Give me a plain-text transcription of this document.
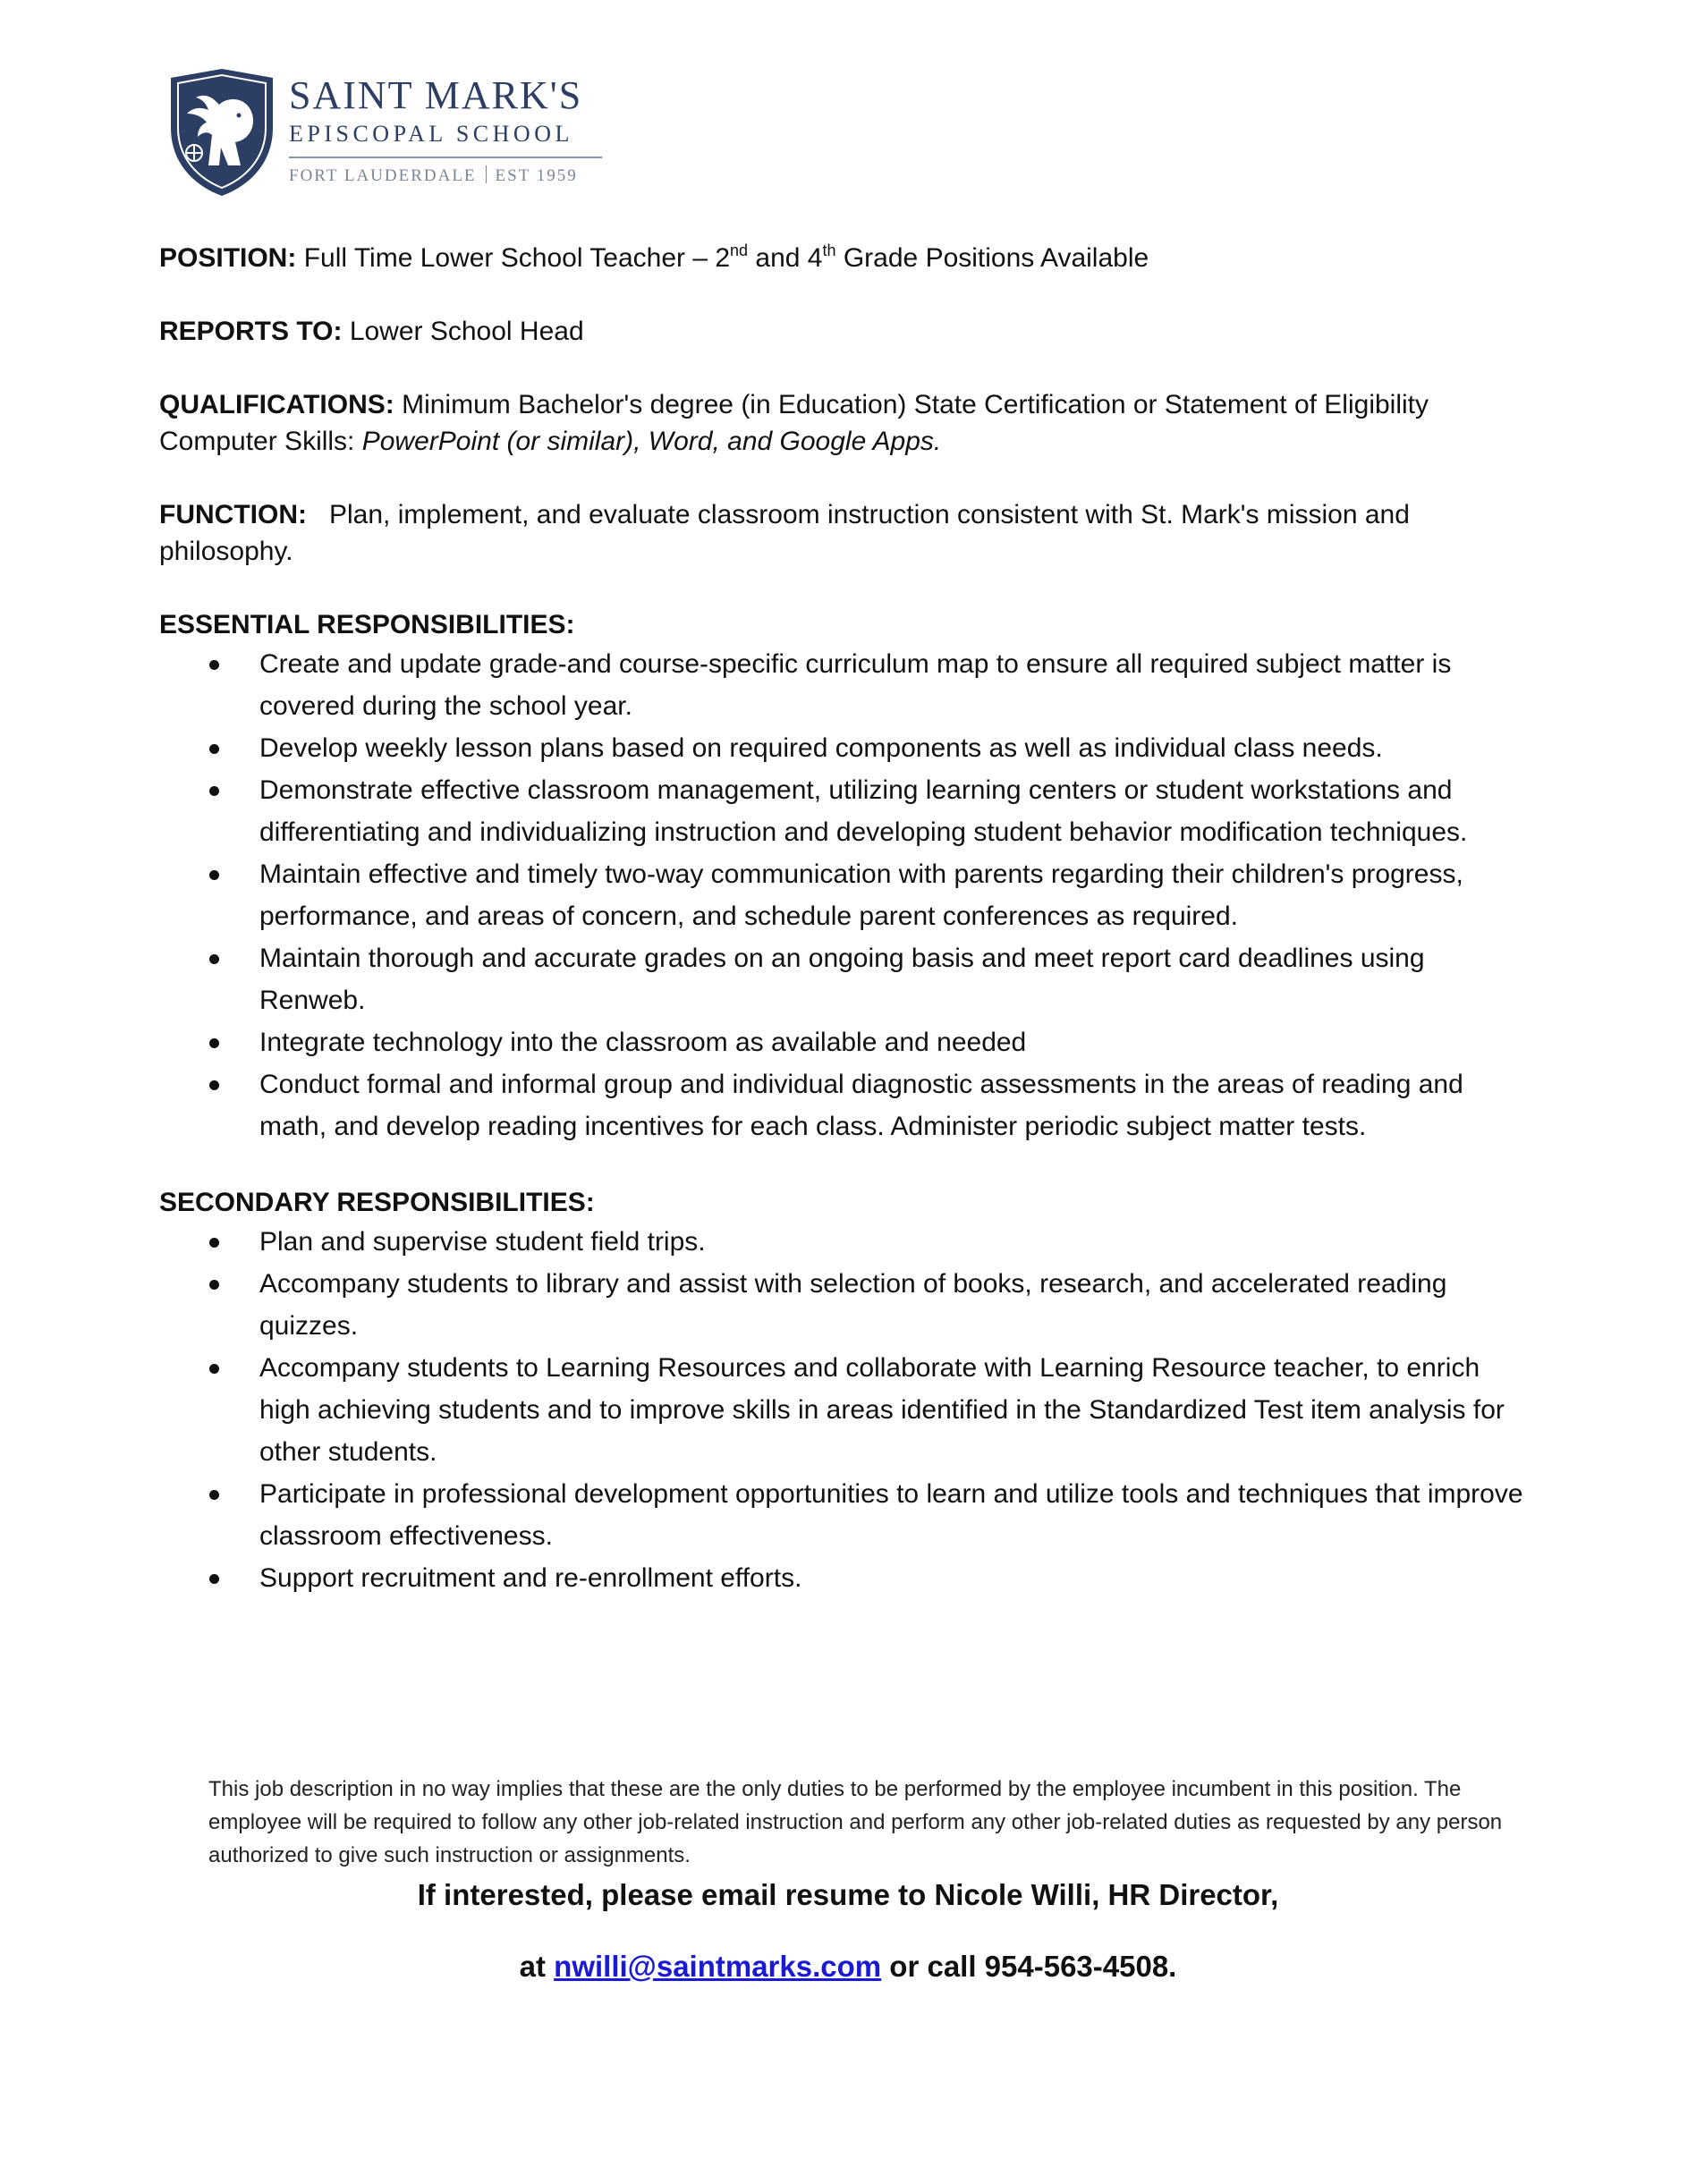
SAINT MARK'S
EPISCOPAL SCHOOL
FORT LAUDERDALE EST 1959

POSITION: Full Time Lower School Teacher – 2nd and 4th Grade Positions Available

REPORTS TO: Lower School Head

QUALIFICATIONS: Minimum Bachelor's degree (in Education) State Certification or Statement of Eligibility
Computer Skills: PowerPoint (or similar), Word, and Google Apps.

FUNCTION: Plan, implement, and evaluate classroom instruction consistent with St. Mark's mission and philosophy.

ESSENTIAL RESPONSIBILITIES:

Create and update grade-and course-specific curriculum map to ensure all required subject matter is covered during the school year.
Develop weekly lesson plans based on required components as well as individual class needs.
Demonstrate effective classroom management, utilizing learning centers or student workstations and differentiating and individualizing instruction and developing student behavior modification techniques.
Maintain effective and timely two-way communication with parents regarding their children's progress, performance, and areas of concern, and schedule parent conferences as required.
Maintain thorough and accurate grades on an ongoing basis and meet report card deadlines using Renweb.
Integrate technology into the classroom as available and needed
Conduct formal and informal group and individual diagnostic assessments in the areas of reading and math, and develop reading incentives for each class. Administer periodic subject matter tests.

SECONDARY RESPONSIBILITIES:

Plan and supervise student field trips.
Accompany students to library and assist with selection of books, research, and accelerated reading quizzes.
Accompany students to Learning Resources and collaborate with Learning Resource teacher, to enrich high achieving students and to improve skills in areas identified in the Standardized Test item analysis for other students.
Participate in professional development opportunities to learn and utilize tools and techniques that improve classroom effectiveness.
Support recruitment and re-enrollment efforts.

This job description in no way implies that these are the only duties to be performed by the employee incumbent in this position. The employee will be required to follow any other job-related instruction and perform any other job-related duties as requested by any person authorized to give such instruction or assignments.

If interested, please email resume to Nicole Willi, HR Director,
at nwilli@saintmarks.com or call 954-563-4508.
